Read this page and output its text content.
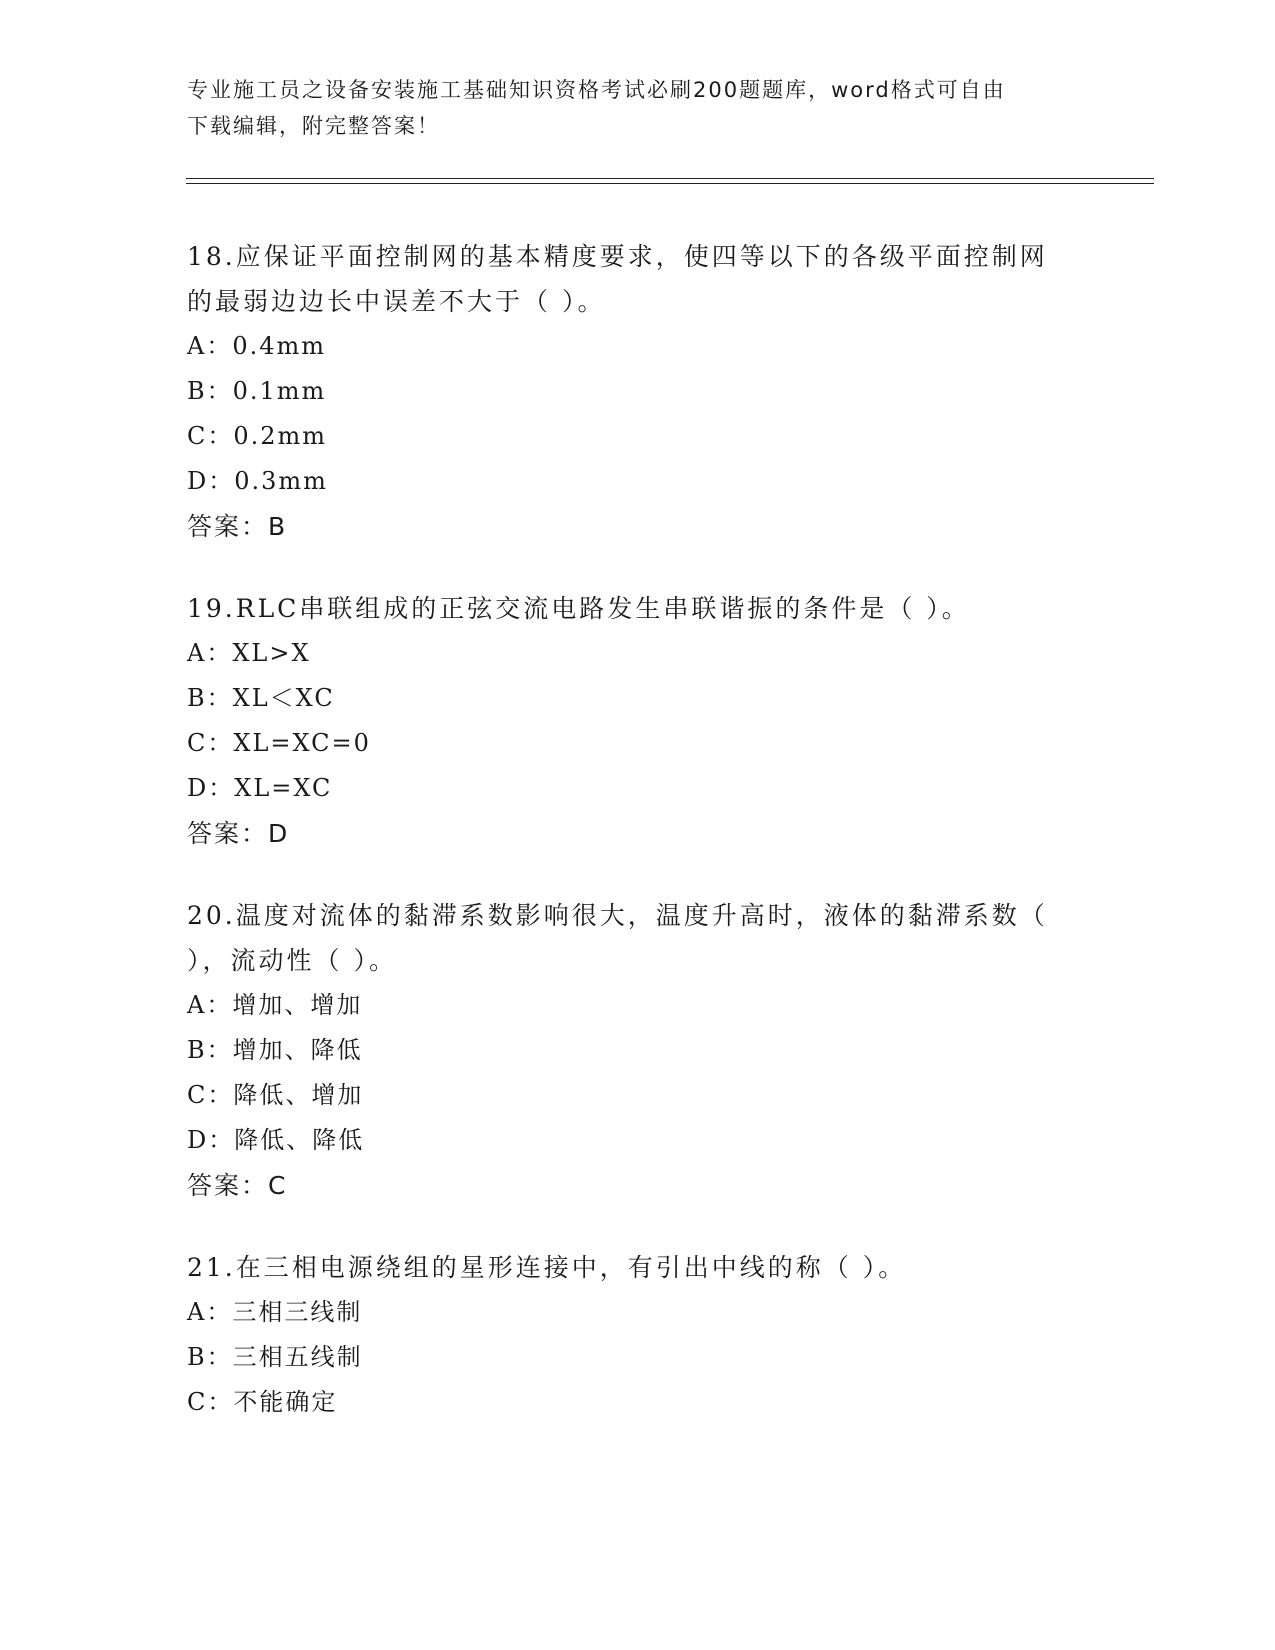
专业施工员之设备安装施工基础知识资格考试必刷200题题库，word格式可自由
下载编辑，附完整答案！

18.应保证平面控制网的基本精度要求，使四等以下的各级平面控制网

的最弱边边长中误差不大于（ ）。

A：0.4mm

B：0.1mm

C：0.2mm

D：0.3mm

答案：B

19.RLC串联组成的正弦交流电路发生串联谐振的条件是（ ）。

A：XL>X

B：XL＜XC

C：XL=XC=0

D：XL=XC

答案：D

20.温度对流体的黏滞系数影响很大，温度升高时，液体的黏滞系数（

），流动性（ ）。

A：增加、增加

B：增加、降低

C：降低、增加

D：降低、降低

答案：C

21.在三相电源绕组的星形连接中，有引出中线的称（ ）。

A：三相三线制

B：三相五线制

C：不能确定
